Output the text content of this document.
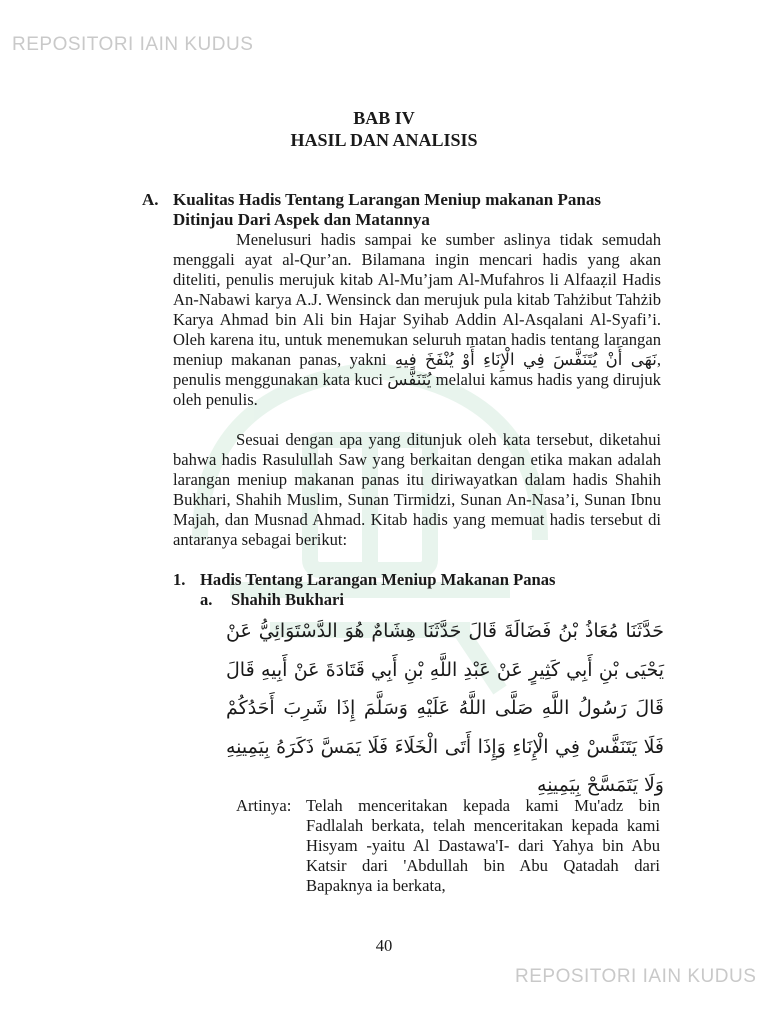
REPOSITORI IAIN KUDUS
BAB IV
HASIL DAN ANALISIS
A. Kualitas Hadis Tentang Larangan Meniup makanan Panas Ditinjau Dari Aspek dan Matannya

Menelusuri hadis sampai ke sumber aslinya tidak semudah menggali ayat al-Qur’an. Bilamana ingin mencari hadis yang akan diteliti, penulis merujuk kitab Al-Mu’jam Al-Mufahros li Alfaaẓil Hadis An-Nabawi karya A.J. Wensinck dan merujuk pula kitab Tahżibut Tahżib Karya Ahmad bin Ali bin Hajar Syihab Addin Al-Asqalani Al-Syafi’i. Oleh karena itu, untuk menemukan seluruh matan hadis tentang larangan meniup makanan panas, yakni نَهَى أَنْ يُتَنَفَّسَ فِي الْإِنَاءِ أَوْ يُنْفَخَ فِيهِ, penulis menggunakan kata kuci يُتَنَفَّسَ melalui kamus hadis yang dirujuk oleh penulis.

Sesuai dengan apa yang ditunjuk oleh kata tersebut, diketahui bahwa hadis Rasulullah Saw yang berkaitan dengan etika makan adalah larangan meniup makanan panas itu diriwayatkan dalam hadis Shahih Bukhari, Shahih Muslim, Sunan Tirmidzi, Sunan An-Nasa’i, Sunan Ibnu Majah, dan Musnad Ahmad. Kitab hadis yang memuat hadis tersebut di antaranya sebagai berikut:

1. Hadis Tentang Larangan Meniup Makanan Panas
a. Shahih Bukhari
حَدَّثَنَا مُعَاذُ بْنُ فَضَالَةَ قَالَ حَدَّثَنَا هِشَامٌ هُوَ الدَّسْتَوَائِيُّ عَنْ يَحْيَى بْنِ أَبِي كَثِيرٍ عَنْ عَبْدِ اللَّهِ بْنِ أَبِي قَتَادَةَ عَنْ أَبِيهِ قَالَ قَالَ رَسُولُ اللَّهِ صَلَّى اللَّهُ عَلَيْهِ وَسَلَّمَ إِذَا شَرِبَ أَحَدُكُمْ فَلَا يَتَنَفَّسْ فِي الْإِنَاءِ وَإِذَا أَتَى الْخَلَاءَ فَلَا يَمَسَّ ذَكَرَهُ بِيَمِينِهِ وَلَا يَتَمَسَّحْ بِيَمِينِهِ
Artinya: Telah menceritakan kepada kami Mu'adz bin Fadlalah berkata, telah menceritakan kepada kami Hisyam -yaitu Al Dastawa'I- dari Yahya bin Abu Katsir dari 'Abdullah bin Abu Qatadah dari Bapaknya ia berkata,
40
REPOSITORI IAIN KUDUS
